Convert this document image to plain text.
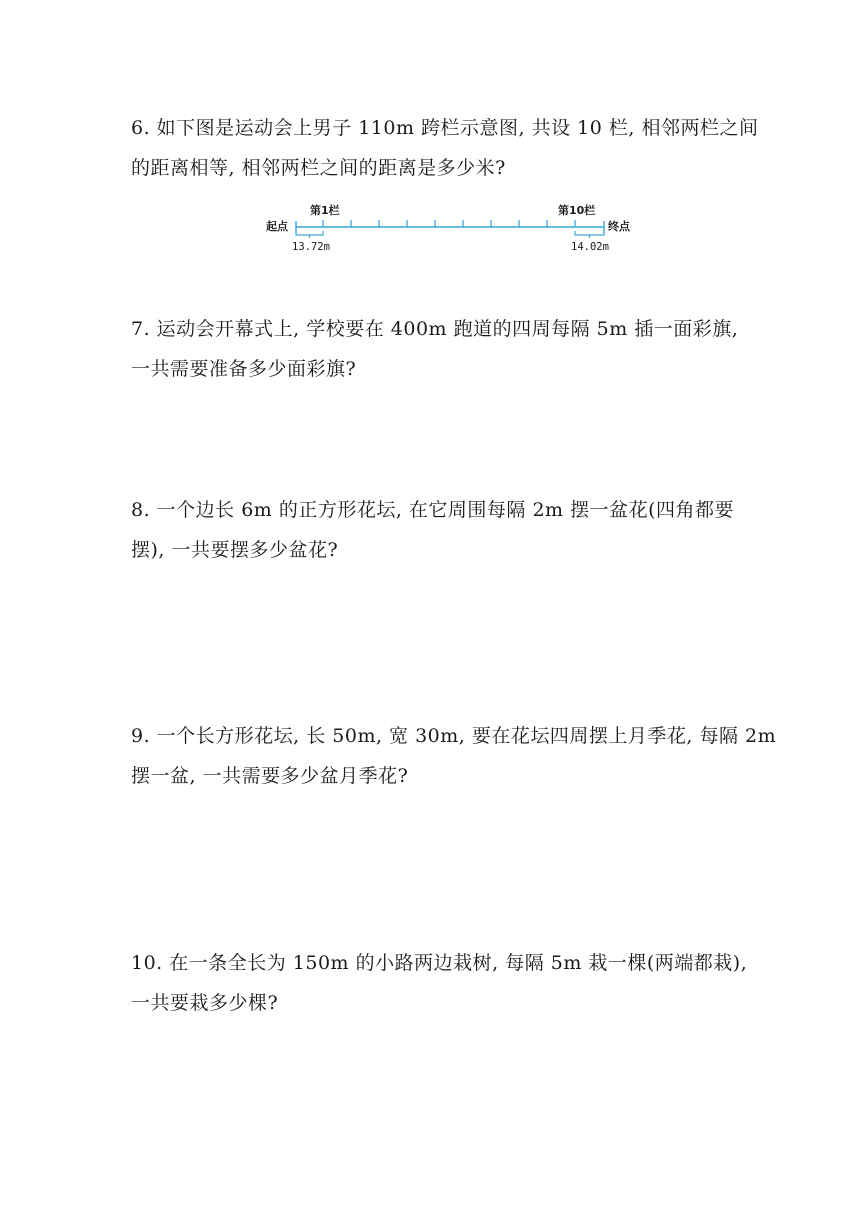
6. 如下图是运动会上男子 110m 跨栏示意图, 共设 10 栏, 相邻两栏之间
的距离相等, 相邻两栏之间的距离是多少米?
起点	终点
第1栏	第10栏
13.72m	14.02m
7. 运动会开幕式上, 学校要在 400m 跑道的四周每隔 5m 插一面彩旗,
一共需要准备多少面彩旗?
8. 一个边长 6m 的正方形花坛, 在它周围每隔 2m 摆一盆花(四角都要
摆), 一共要摆多少盆花?
9. 一个长方形花坛, 长 50m, 宽 30m, 要在花坛四周摆上月季花, 每隔 2m
摆一盆, 一共需要多少盆月季花?
10. 在一条全长为 150m 的小路两边栽树, 每隔 5m 栽一棵(两端都栽),
一共要栽多少棵?
